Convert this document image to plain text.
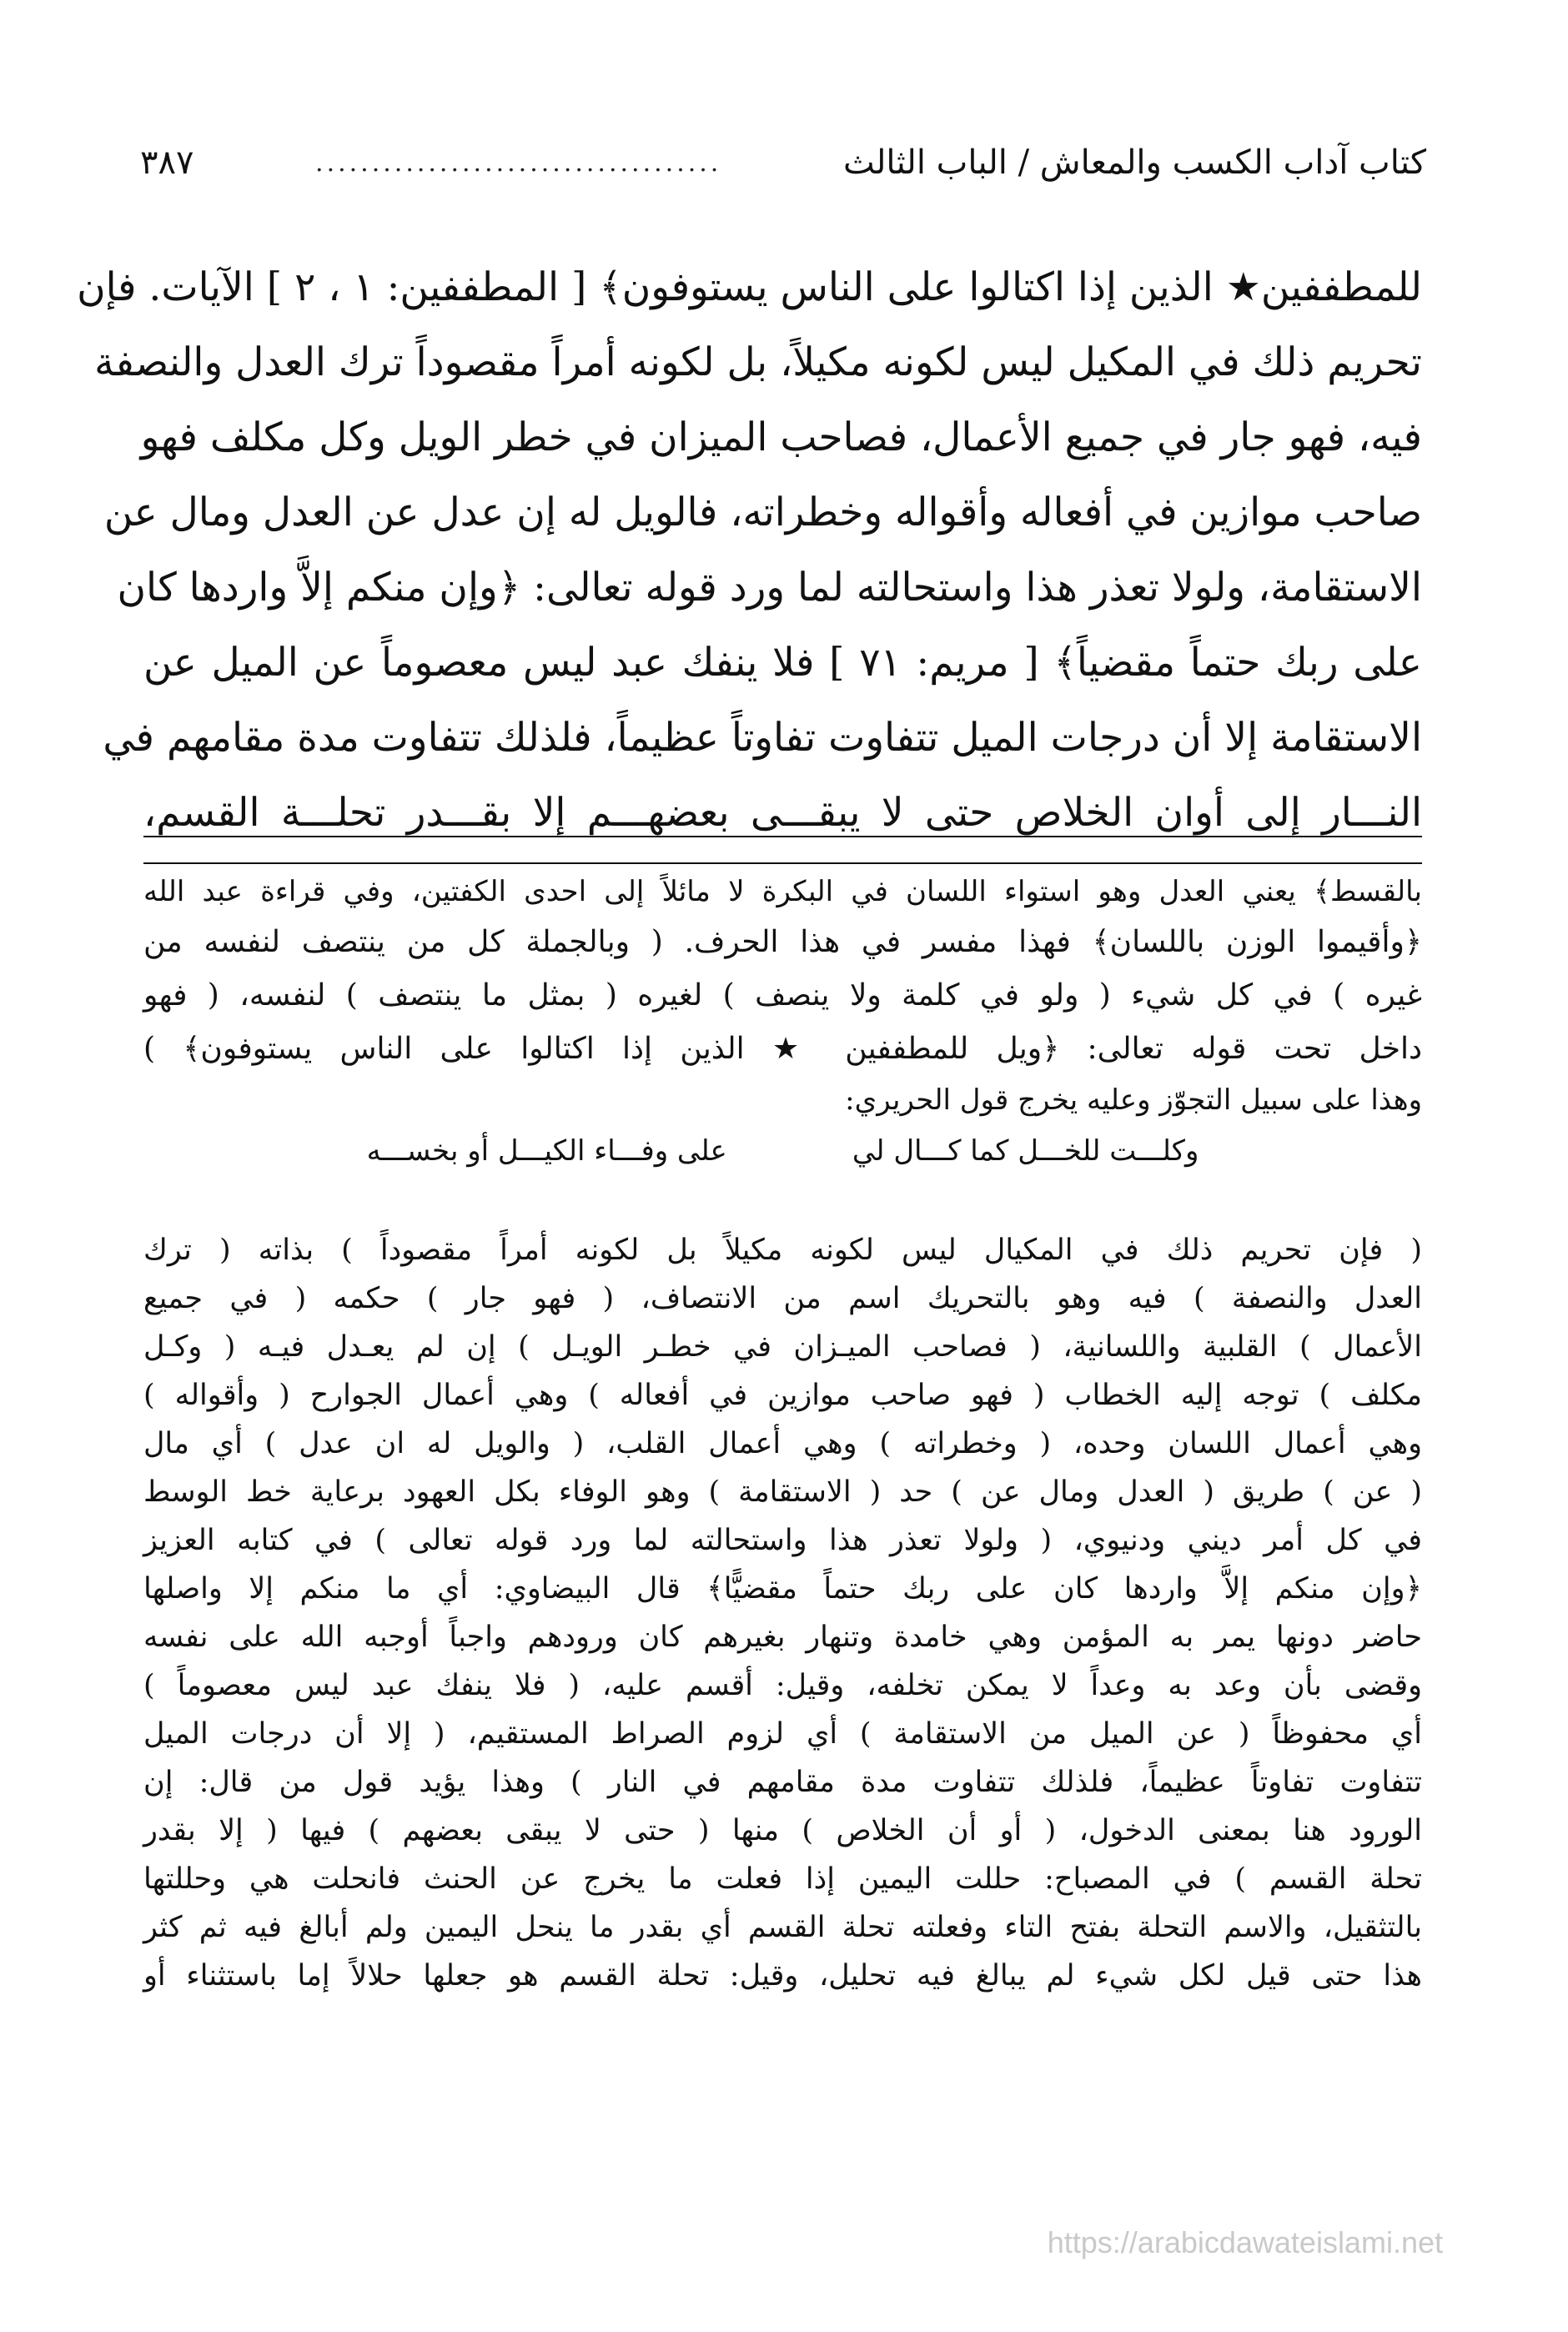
كتاب آداب الكسب والمعاش / الباب الثالث
....................................
٣٨٧
للمطففين★ الذين إذا اكتالوا على الناس يستوفون﴾ [ المطففين: ١ ، ٢ ] الآيات. فإن
تحريم ذلك في المكيل ليس لكونه مكيلاً، بل لكونه أمراً مقصوداً ترك العدل والنصفة
فيه، فهو جار في جميع الأعمال، فصاحب الميزان في خطر الويل وكل مكلف فهو
صاحب موازين في أفعاله وأقواله وخطراته، فالويل له إن عدل عن العدل ومال عن
الاستقامة، ولولا تعذر هذا واستحالته لما ورد قوله تعالى: ﴿وإن منكم إلاَّ واردها كان
على ربك حتماً مقضياً﴾ [ مريم: ٧١ ] فلا ينفك عبد ليس معصوماً عن الميل عن
الاستقامة إلا أن درجات الميل تتفاوت تفاوتاً عظيماً، فلذلك تتفاوت مدة مقامهم في
النـــار إلى أوان الخلاص حتى لا يبقـــى بعضهـــم إلا بقـــدر تحلـــة القسم،
بالقسط﴾ يعني العدل وهو استواء اللسان في البكرة لا مائلاً إلى احدى الكفتين، وفي قراءة عبد الله
﴿وأقيموا الوزن باللسان﴾ فهذا مفسر في هذا الحرف. ( وبالجملة كل من ينتصف لنفسه من
غيره ) في كل شيء ( ولو في كلمة ولا ينصف ) لغيره ( بمثل ما ينتصف ) لنفسه، ( فهو
داخل تحت قوله تعالى: ﴿ويل للمطففين ★ الذين إذا اكتالوا على الناس يستوفون﴾ )
وهذا على سبيل التجوّز وعليه يخرج قول الحريري:
وكلـــت للخـــل كما كـــال لي
على وفـــاء الكيـــل أو بخســـه
( فإن تحريم ذلك في المكيال ليس لكونه مكيلاً بل لكونه أمراً مقصوداً ) بذاته ( ترك
العدل والنصفة ) فيه وهو بالتحريك اسم من الانتصاف، ( فهو جار ) حكمه ( في جميع
الأعمال ) القلبية واللسانية، ( فصاحب الميـزان في خطـر الويـل ) إن لم يعـدل فيـه ( وكـل
مكلف ) توجه إليه الخطاب ( فهو صاحب موازين في أفعاله ) وهي أعمال الجوارح ( وأقواله )
وهي أعمال اللسان وحده، ( وخطراته ) وهي أعمال القلب، ( والويل له ان عدل ) أي مال
( عن ) طريق ( العدل ومال عن ) حد ( الاستقامة ) وهو الوفاء بكل العهود برعاية خط الوسط
في كل أمر ديني ودنيوي، ( ولولا تعذر هذا واستحالته لما ورد قوله تعالى ) في كتابه العزيز
﴿وإن منكم إلاَّ واردها كان على ربك حتماً مقضيًّا﴾ قال البيضاوي: أي ما منكم إلا واصلها
حاضر دونها يمر به المؤمن وهي خامدة وتنهار بغيرهم كان ورودهم واجباً أوجبه الله على نفسه
وقضى بأن وعد به وعداً لا يمكن تخلفه، وقيل: أقسم عليه، ( فلا ينفك عبد ليس معصوماً )
أي محفوظاً ( عن الميل من الاستقامة ) أي لزوم الصراط المستقيم، ( إلا أن درجات الميل
تتفاوت تفاوتاً عظيماً، فلذلك تتفاوت مدة مقامهم في النار ) وهذا يؤيد قول من قال: إن
الورود هنا بمعنى الدخول، ( أو أن الخلاص ) منها ( حتى لا يبقى بعضهم ) فيها ( إلا بقدر
تحلة القسم ) في المصباح: حللت اليمين إذا فعلت ما يخرج عن الحنث فانحلت هي وحللتها
بالتثقيل، والاسم التحلة بفتح التاء وفعلته تحلة القسم أي بقدر ما ينحل اليمين ولم أبالغ فيه ثم كثر
هذا حتى قيل لكل شيء لم يبالغ فيه تحليل، وقيل: تحلة القسم هو جعلها حلالاً إما باستثناء أو
https://arabicdawateislami.net
